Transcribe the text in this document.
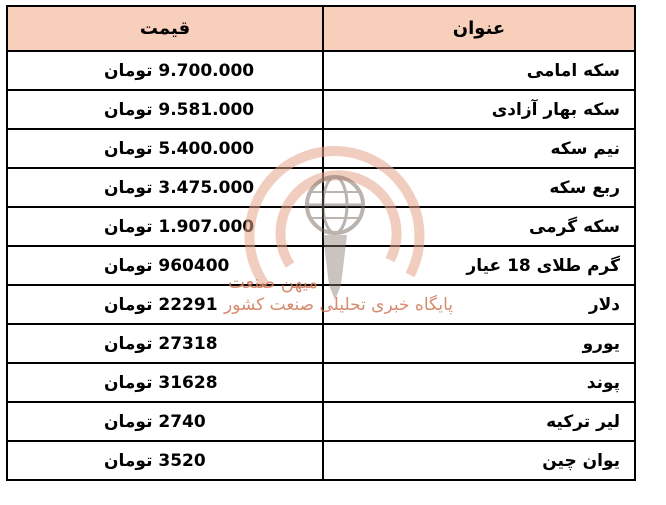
قیمت	عنوان
9.700.000 تومان	سکه امامی
9.581.000 تومان	سکه بهار آزادی
5.400.000 تومان	نیم سکه
3.475.000 تومان	ربع سکه
1.907.000 تومان	سکه گرمی
960400 تومان	گرم طلای 18 عیار
22291 تومان	دلار
27318 تومان	یورو
31628 تومان	پوند
2740 تومان	لیر ترکیه
3520 تومان	یوان چین
میهن صنعت
پایگاه خبری تحلیلی صنعت کشور
